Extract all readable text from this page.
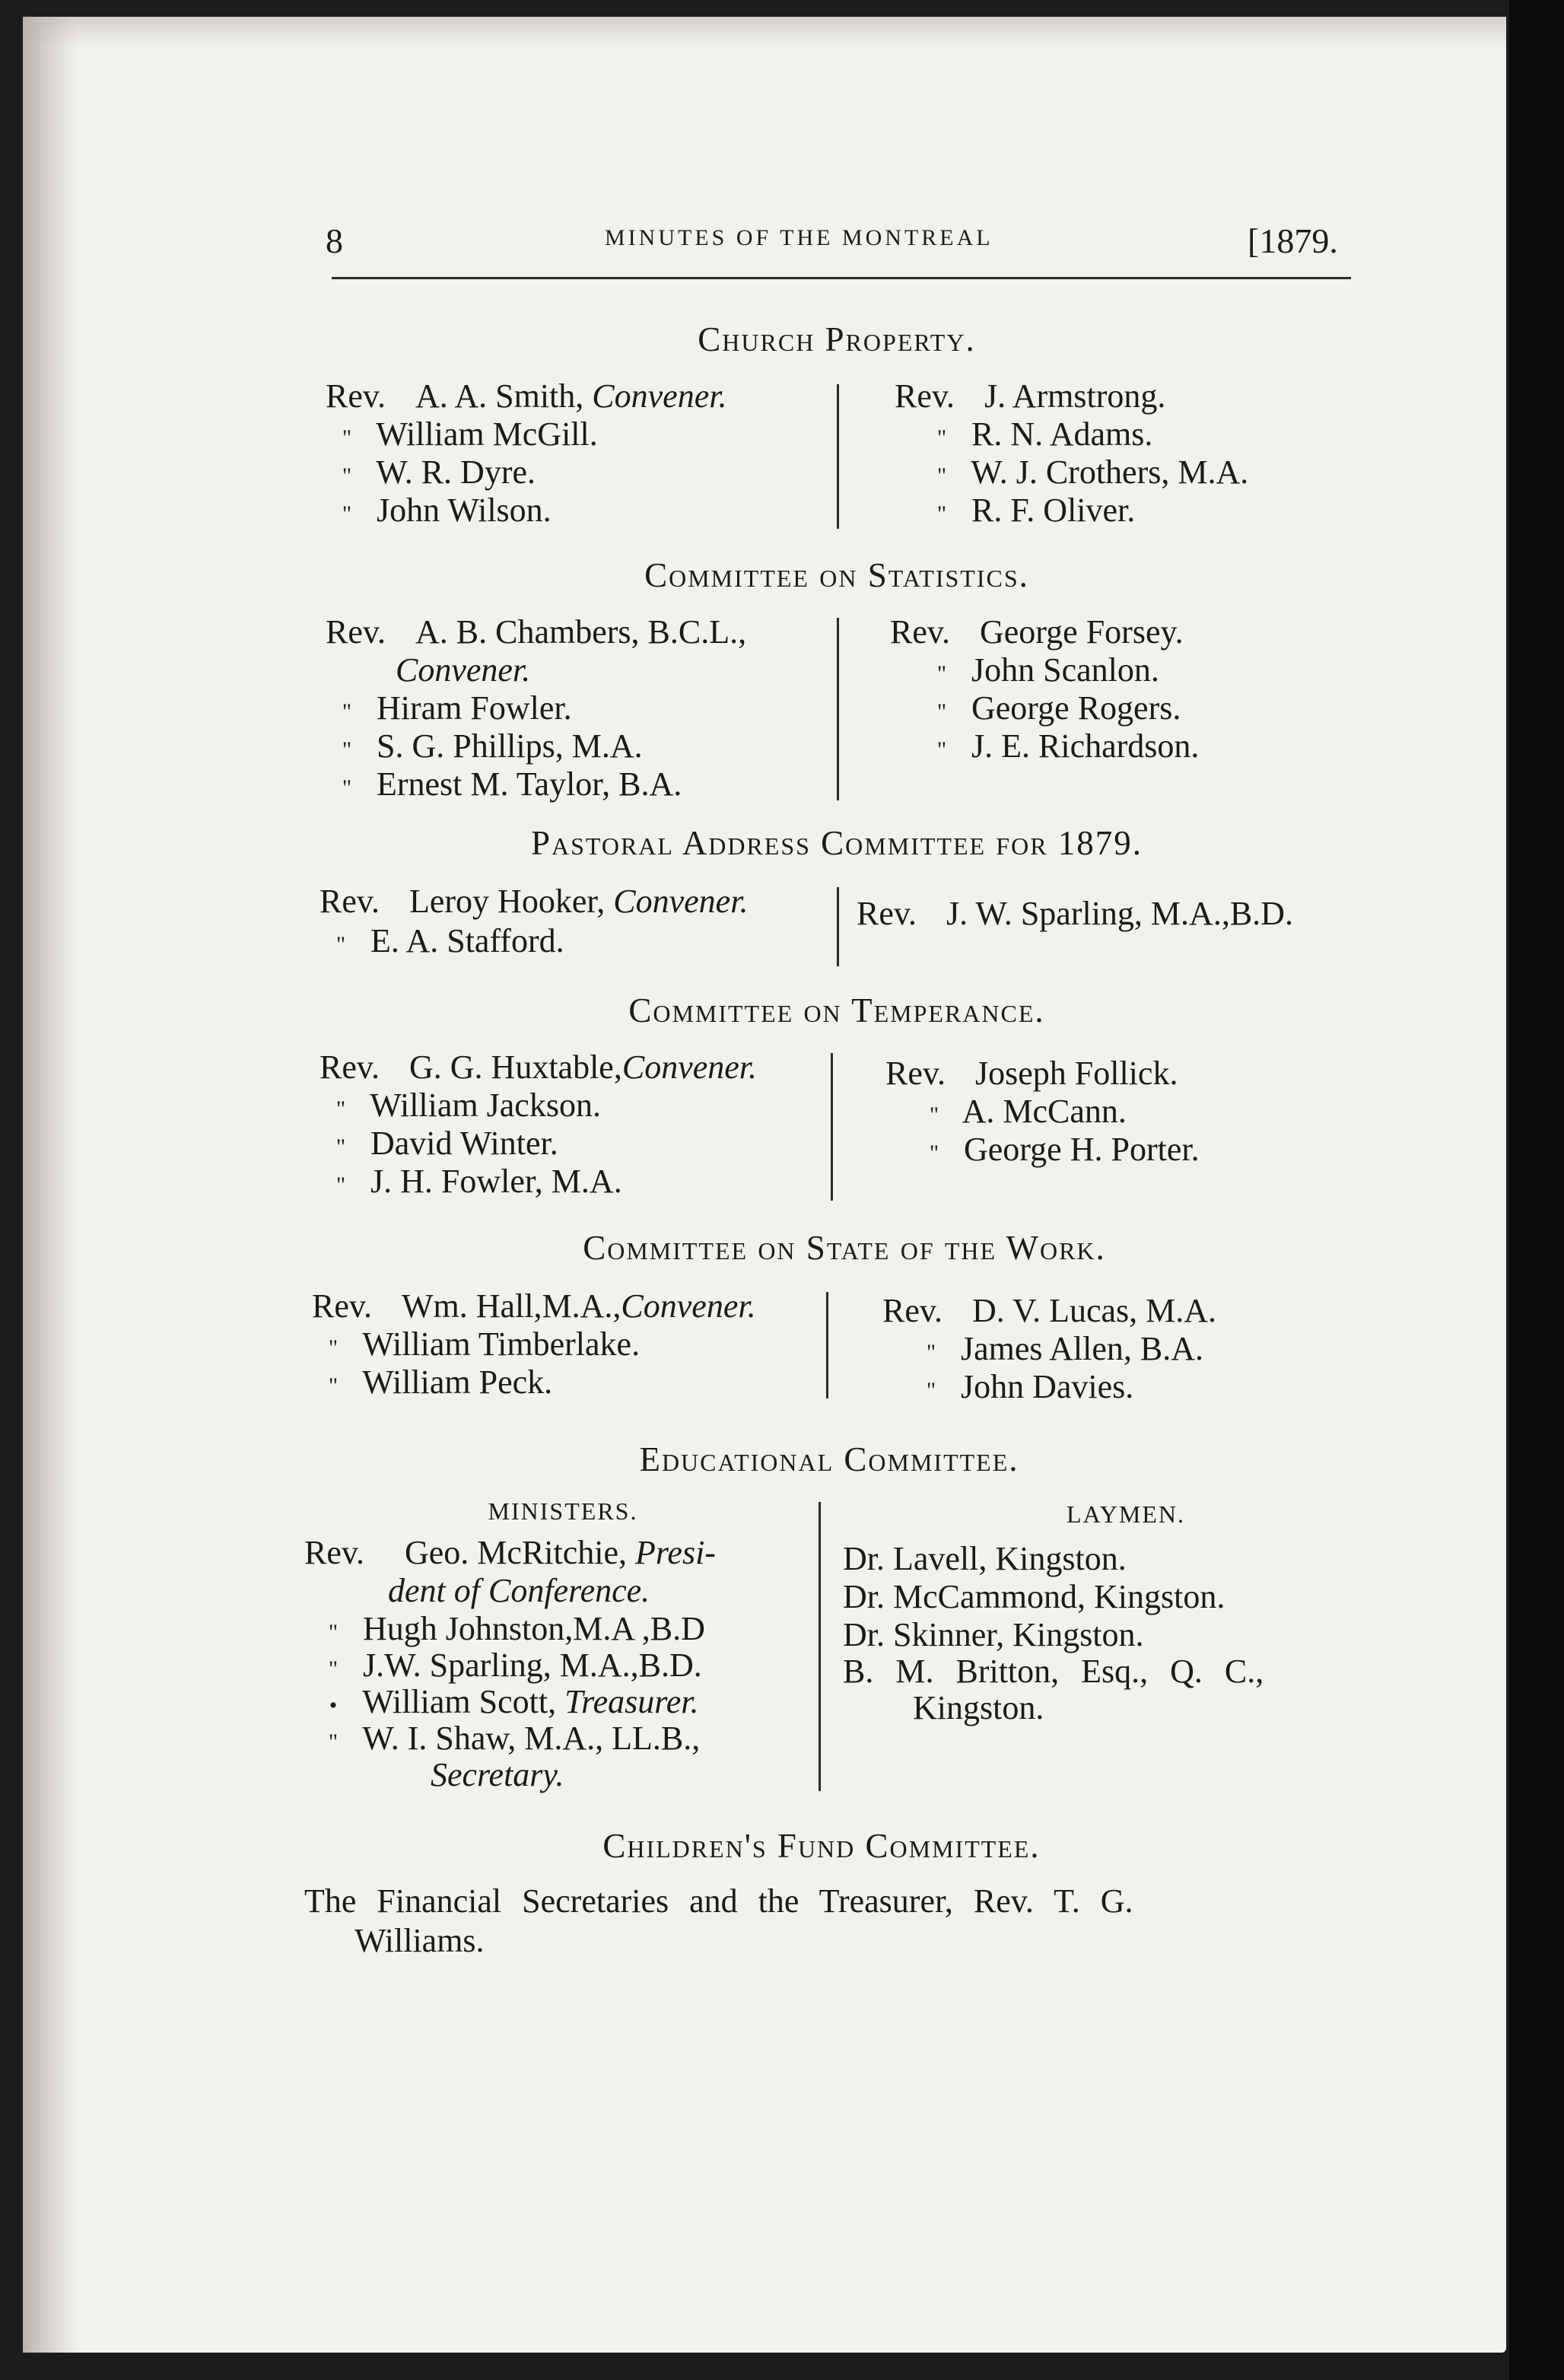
8	MINUTES OF THE MONTREAL	[1879.
Church Property.
Rev. A. A. Smith, Convener.
" William McGill.
" W. R. Dyre.
" John Wilson.
Rev. J. Armstrong.
" R. N. Adams.
" W. J. Crothers, M.A.
" R. F. Oliver.
Committee on Statistics.
Rev. A. B. Chambers, B.C.L.,
Convener.
" Hiram Fowler.
" S. G. Phillips, M.A.
" Ernest M. Taylor, B.A.
Rev. George Forsey.
" John Scanlon.
" George Rogers.
" J. E. Richardson.
Pastoral Address Committee for 1879.
Rev. Leroy Hooker, Convener.
" E. A. Stafford.
Rev. J. W. Sparling, M.A.,B.D.
Committee on Temperance.
Rev. G. G. Huxtable,Convener.
" William Jackson.
" David Winter.
" J. H. Fowler, M.A.
Rev. Joseph Follick.
" A. McCann.
" George H. Porter.
Committee on State of the Work.
Rev. Wm. Hall,M.A.,Convener.
" William Timberlake.
" William Peck.
Rev. D. V. Lucas, M.A.
" James Allen, B.A.
" John Davies.
Educational Committee.
MINISTERS.	LAYMEN.
Rev. Geo. McRitchie, Presi-
dent of Conference.
" Hugh Johnston,M.A ,B.D
" J.W. Sparling, M.A.,B.D.
• William Scott, Treasurer.
" W. I. Shaw, M.A., LL.B.,
Secretary.
Dr. Lavell, Kingston.
Dr. McCammond, Kingston.
Dr. Skinner, Kingston.
B. M. Britton, Esq., Q. C.,
Kingston.
Children's Fund Committee.
The Financial Secretaries and the Treasurer, Rev. T. G.
Williams.
